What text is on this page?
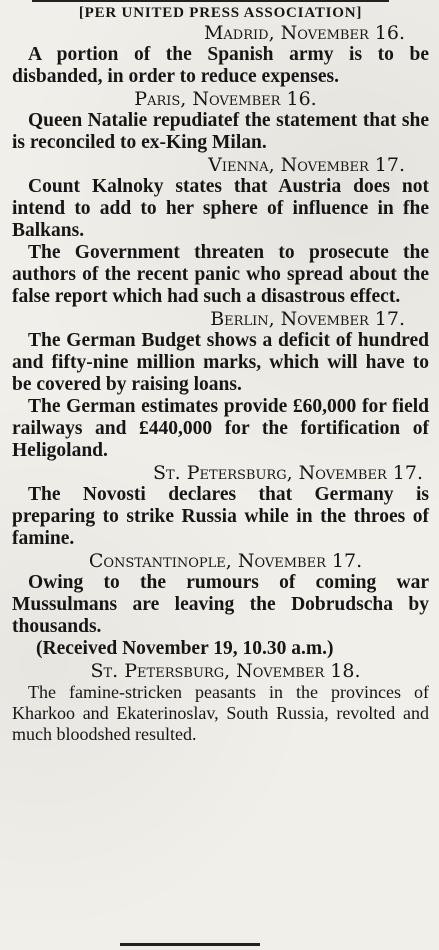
[PER UNITED PRESS ASSOCIATION]
Madrid, November 16.

A portion of the Spanish army is to be disbanded, in order to reduce expenses.

Paris, November 16.

Queen Natalie repudiatef the statement that she is reconciled to ex-King Milan.

Vienna, November 17.

Count Kalnoky states that Austria does not intend to add to her sphere of influence in fhe Balkans.

The Government threaten to prosecute the authors of the recent panic who spread about the false report which had such a disastrous effect.

Berlin, November 17.

The German Budget shows a deficit of hundred and fifty-nine million marks, which will have to be covered by raising loans.

The German estimates provide £60,000 for field railways and £440,000 for the fortification of Heligoland.

St. Petersburg, November 17.

The Novosti declares that Germany is preparing to strike Russia while in the throes of famine.

Constantinople, November 17.

Owing to the rumours of coming war Mussulmans are leaving the Dobrudscha by thousands.

(Received November 19, 10.30 a.m.)

St. Petersburg, November 18.

The famine-stricken peasants in the provinces of Kharkoo and Ekaterinoslav, South Russia, revolted and much bloodshed resulted.
